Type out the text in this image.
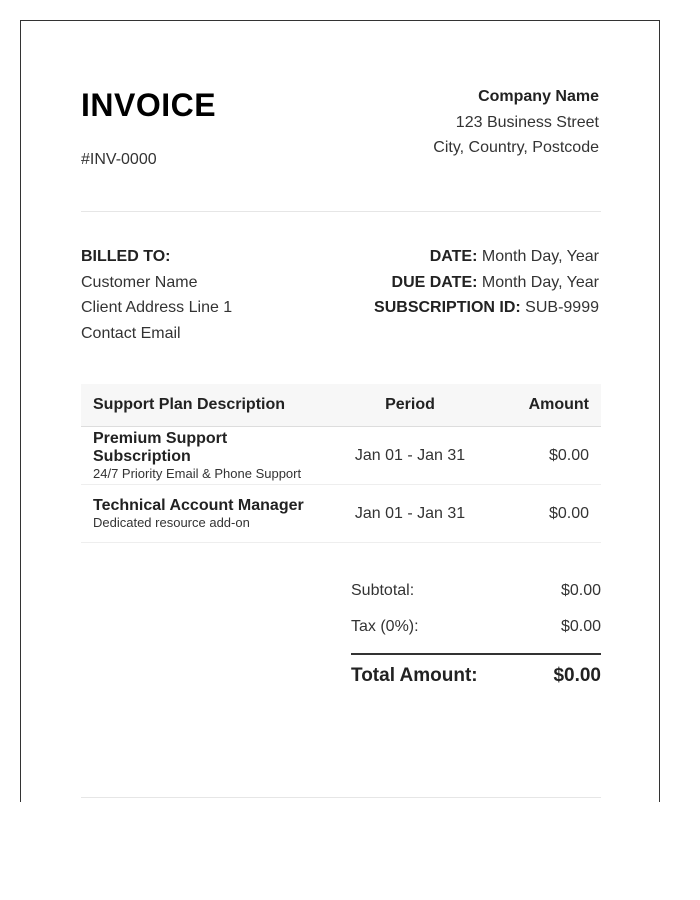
INVOICE
#INV-0000
Company Name
123 Business Street
City, Country, Postcode
BILLED TO:
Customer Name
Client Address Line 1
Contact Email
DATE: Month Day, Year
DUE DATE: Month Day, Year
SUBSCRIPTION ID: SUB-9999
Support Plan Description	Period	Amount

Premium Support Subscription
24/7 Priority Email & Phone Support	Jan 01 - Jan 31	$0.00

Technical Account Manager
Dedicated resource add-on	Jan 01 - Jan 31	$0.00
Subtotal:	$0.00
Tax (0%):	$0.00
Total Amount:	$0.00
